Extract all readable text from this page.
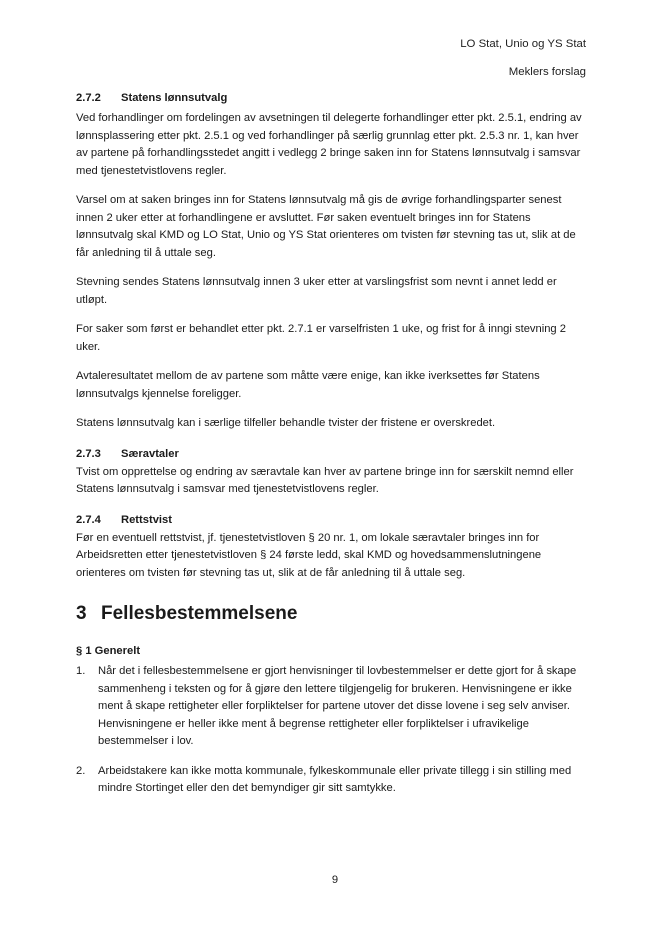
LO Stat, Unio og YS Stat
Meklers forslag
2.7.2	Statens lønnsutvalg

Ved forhandlinger om fordelingen av avsetningen til delegerte forhandlinger etter pkt. 2.5.1, endring av lønnsplassering etter pkt. 2.5.1 og ved forhandlinger på særlig grunnlag etter pkt. 2.5.3 nr. 1, kan hver av partene på forhandlingsstedet angitt i vedlegg 2 bringe saken inn for Statens lønnsutvalg i samsvar med tjenestetvistlovens regler.

Varsel om at saken bringes inn for Statens lønnsutvalg må gis de øvrige forhandlingsparter senest innen 2 uker etter at forhandlingene er avsluttet. Før saken eventuelt bringes inn for Statens lønnsutvalg skal KMD og LO Stat, Unio og YS Stat orienteres om tvisten før stevning tas ut, slik at de får anledning til å uttale seg.

Stevning sendes Statens lønnsutvalg innen 3 uker etter at varslingsfrist som nevnt i annet ledd er utløpt.

For saker som først er behandlet etter pkt. 2.7.1 er varselfristen 1 uke, og frist for å inngi stevning 2 uker.

Avtaleresultatet mellom de av partene som måtte være enige, kan ikke iverksettes før Statens lønnsutvalgs kjennelse foreligger.

Statens lønnsutvalg kan i særlige tilfeller behandle tvister der fristene er overskredet.

2.7.3	Særavtaler

Tvist om opprettelse og endring av særavtale kan hver av partene bringe inn for særskilt nemnd eller Statens lønnsutvalg i samsvar med tjenestetvistlovens regler.

2.7.4	Rettstvist

Før en eventuell rettstvist, jf. tjenestetvistloven § 20 nr. 1, om lokale særavtaler bringes inn for Arbeidsretten etter tjenestetvistloven § 24 første ledd, skal KMD og hovedsammenslutningene orienteres om tvisten før stevning tas ut, slik at de får anledning til å uttale seg.

3 Fellesbestemmelsene
§ 1 Generelt
1.	Når det i fellesbestemmelsene er gjort henvisninger til lovbestemmelser er dette gjort for å skape sammenheng i teksten og for å gjøre den lettere tilgjengelig for brukeren. Henvisningene er ikke ment å skape rettigheter eller forpliktelser for partene utover det disse lovene i seg selv anviser. Henvisningene er heller ikke ment å begrense rettigheter eller forpliktelser i ufravikelige bestemmelser i lov.
2.	Arbeidstakere kan ikke motta kommunale, fylkeskommunale eller private tillegg i sin stilling med mindre Stortinget eller den det bemyndiger gir sitt samtykke.
9
